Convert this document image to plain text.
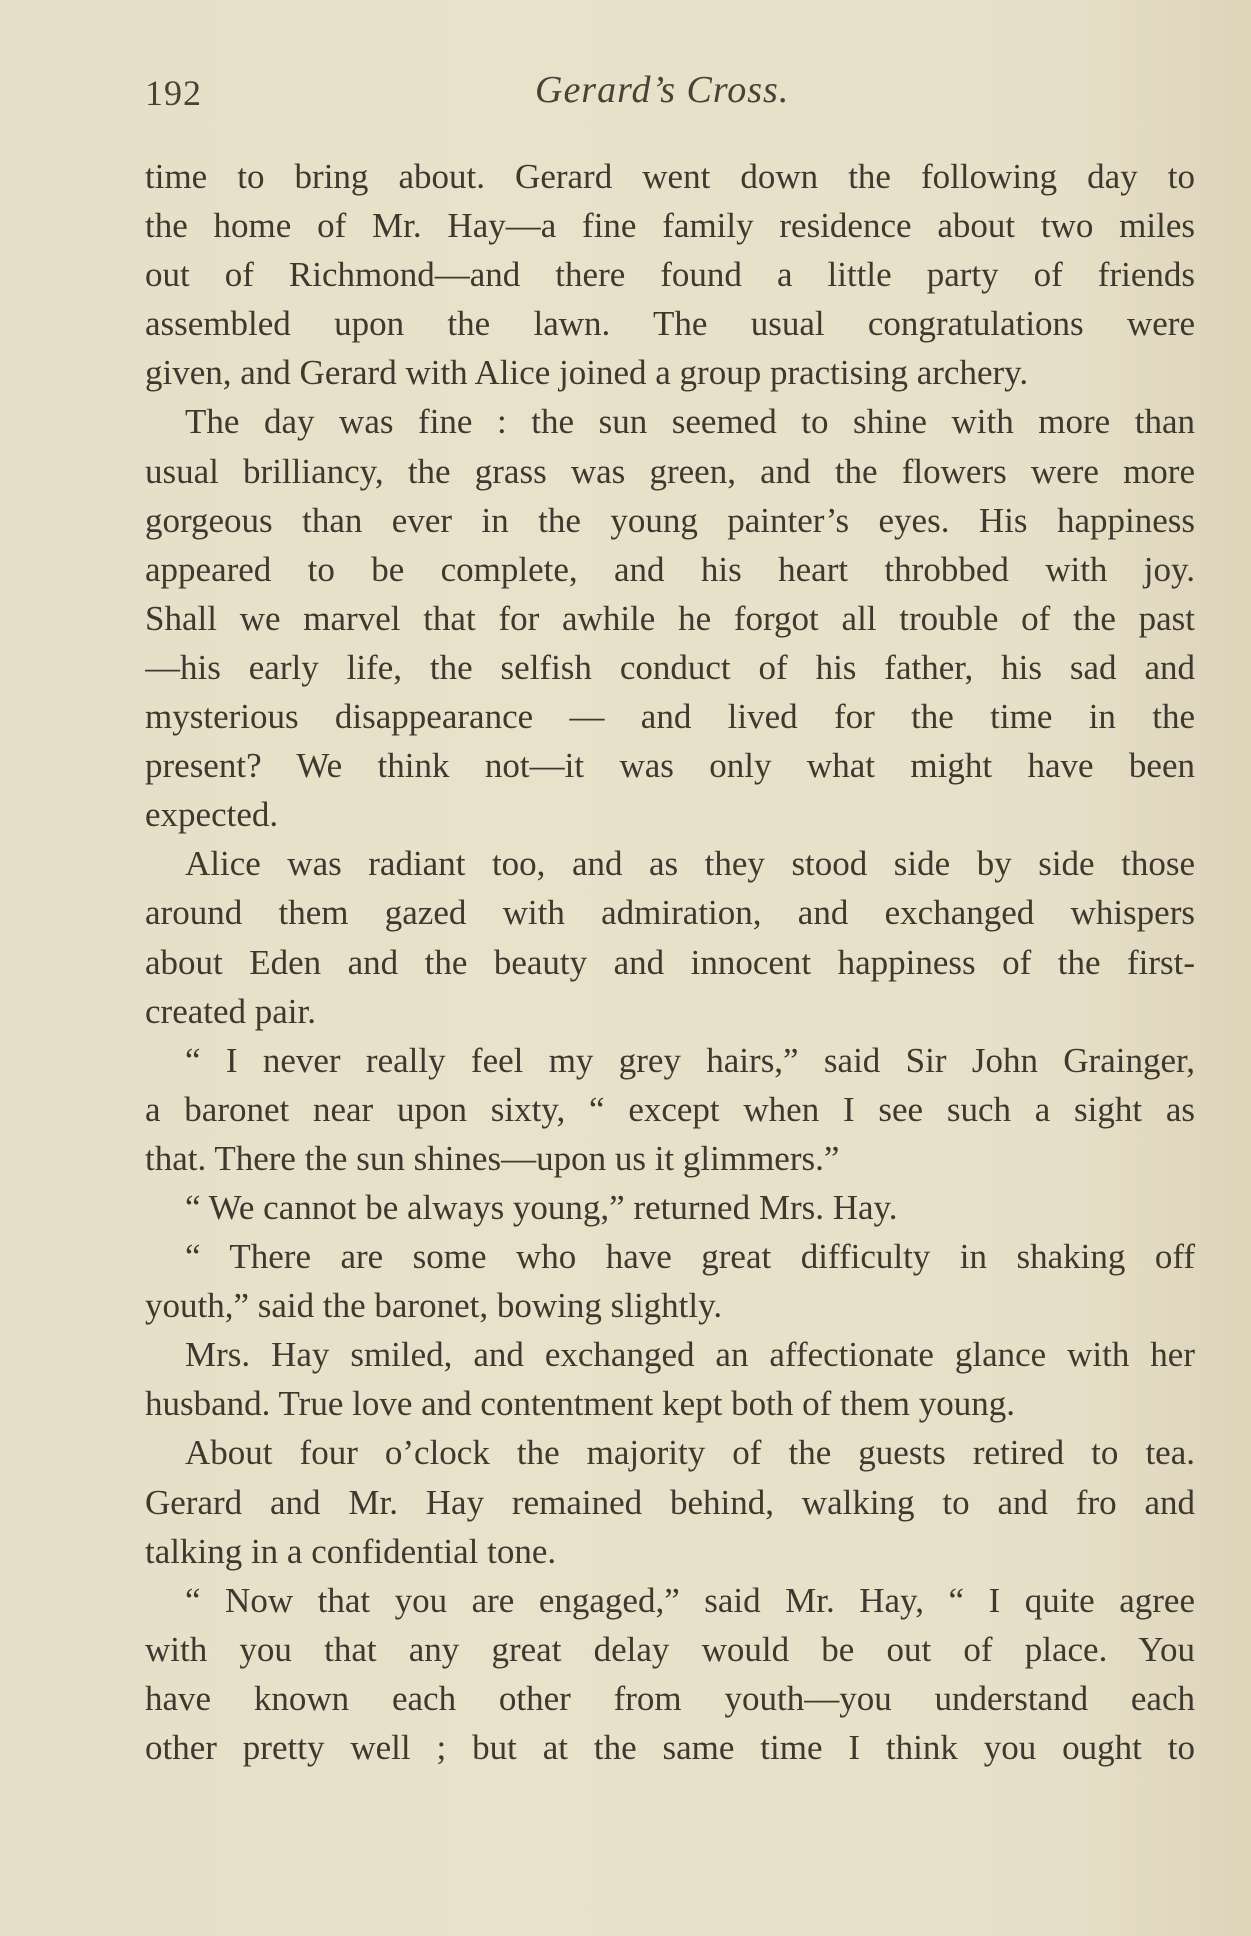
192	Gerard’s Cross.
time to bring about. Gerard went down the following day to
the home of Mr. Hay—a fine family residence about two miles
out of Richmond—and there found a little party of friends
assembled upon the lawn. The usual congratulations were
given, and Gerard with Alice joined a group practising archery.
The day was fine : the sun seemed to shine with more than
usual brilliancy, the grass was green, and the flowers were more
gorgeous than ever in the young painter’s eyes. His happiness
appeared to be complete, and his heart throbbed with joy.
Shall we marvel that for awhile he forgot all trouble of the past
—his early life, the selfish conduct of his father, his sad and
mysterious disappearance — and lived for the time in the
present? We think not—it was only what might have been
expected.
Alice was radiant too, and as they stood side by side those
around them gazed with admiration, and exchanged whispers
about Eden and the beauty and innocent happiness of the first-
created pair.
“ I never really feel my grey hairs,” said Sir John Grainger,
a baronet near upon sixty, “ except when I see such a sight as
that. There the sun shines—upon us it glimmers.”
“ We cannot be always young,” returned Mrs. Hay.
“ There are some who have great difficulty in shaking off
youth,” said the baronet, bowing slightly.
Mrs. Hay smiled, and exchanged an affectionate glance with her
husband. True love and contentment kept both of them young.
About four o’clock the majority of the guests retired to tea.
Gerard and Mr. Hay remained behind, walking to and fro and
talking in a confidential tone.
“ Now that you are engaged,” said Mr. Hay, “ I quite agree
with you that any great delay would be out of place. You
have known each other from youth—you understand each
other pretty well ; but at the same time I think you ought to
